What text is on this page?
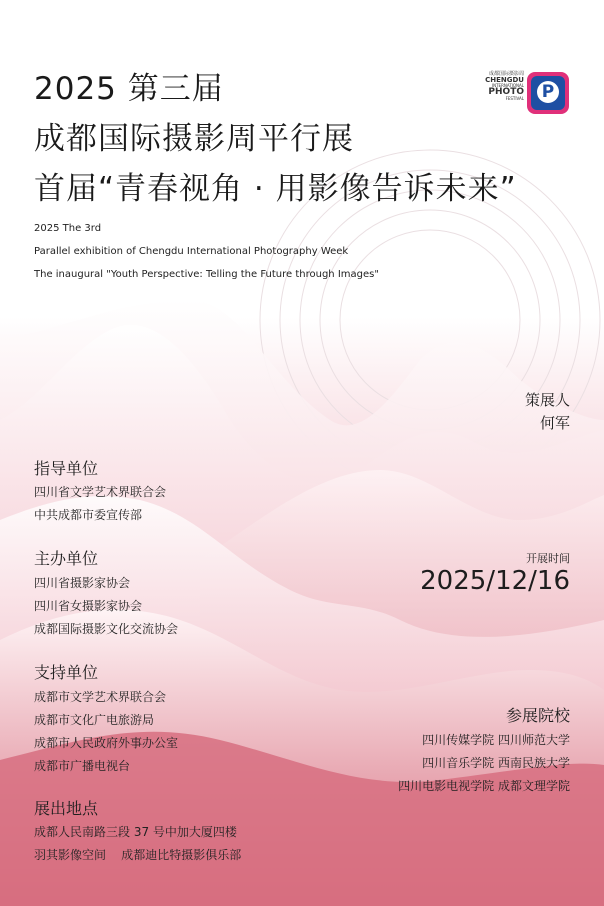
2025 第三届
成都国际摄影周平行展
首届“青春视角 · 用影像告诉未来”
2025 The 3rd
Parallel exhibition of Chengdu International Photography Week
The inaugural "Youth Perspective: Telling the Future through Images"
成都国际摄影周
CHENGDU
INTERNATIONAL
PHOTO
FESTIVAL P
策展人
何军
指导单位
四川省文学艺术界联合会
中共成都市委宣传部
主办单位
四川省摄影家协会
四川省女摄影家协会
成都国际摄影文化交流协会
开展时间
2025/12/16
支持单位
成都市文学艺术界联合会
成都市文化广电旅游局
成都市人民政府外事办公室
成都市广播电视台
参展院校
四川传媒学院 四川师范大学
四川音乐学院 西南民族大学
四川电影电视学院 成都文理学院
展出地点
成都人民南路三段 37 号中加大厦四楼
羽其影像空间    成都迪比特摄影俱乐部
